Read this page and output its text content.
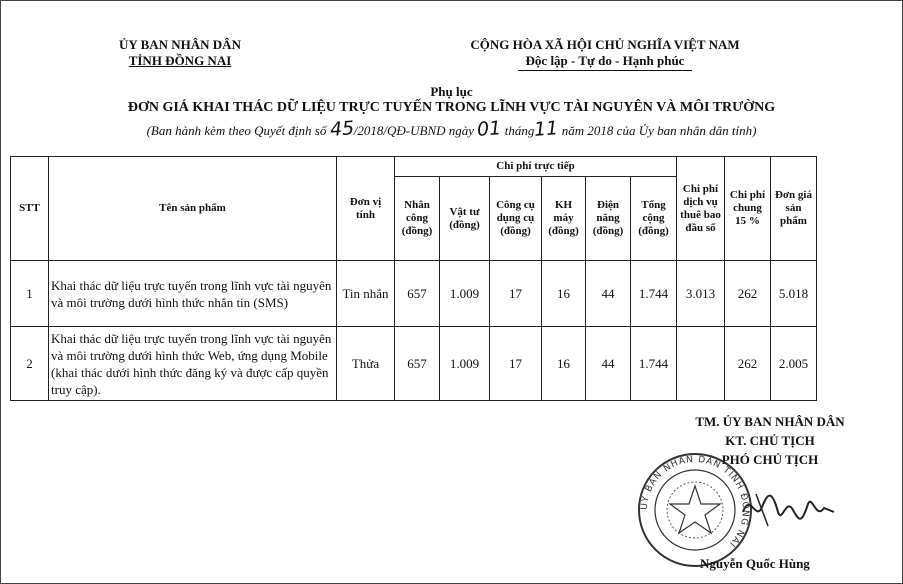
ỦY BAN NHÂN DÂN
TỈNH ĐỒNG NAI
CỘNG HÒA XÃ HỘI CHỦ NGHĨA VIỆT NAM
Độc lập - Tự do - Hạnh phúc
Phụ lục
ĐƠN GIÁ KHAI THÁC DỮ LIỆU TRỰC TUYẾN TRONG LĨNH VỰC TÀI NGUYÊN VÀ MÔI TRƯỜNG
(Ban hành kèm theo Quyết định số 45/2018/QĐ-UBND ngày 01 tháng11 năm 2018 của Ủy ban nhân dân tỉnh)
STT	Tên sản phẩm	Đơn vị tính	Chi phí trực tiếp						Chi phí dịch vụ thuê bao đầu số	Chi phí chung 15 %	Đơn giá sản phẩm
			Nhân công (đồng)	Vật tư (đồng)	Công cụ dụng cụ (đồng)	KH máy (đồng)	Điện năng (đồng)	Tổng cộng (đồng)			
1	Khai thác dữ liệu trực tuyến trong lĩnh vực tài nguyên và môi trường dưới hình thức nhắn tin (SMS)	Tin nhắn	657	1.009	17	16	44	1.744	3.013	262	5.018
2	Khai thác dữ liệu trực tuyến trong lĩnh vực tài nguyên và môi trường dưới hình thức Web, ứng dụng Mobile (khai thác dưới hình thức đăng ký và được cấp quyền truy cập).	Thửa	657	1.009	17	16	44	1.744		262	2.005
TM. ỦY BAN NHÂN DÂN
KT. CHỦ TỊCH
PHÓ CHỦ TỊCH
ỦY BAN NHÂN DÂN TỈNH ĐỒNG NAI
Nguyễn Quốc Hùng
